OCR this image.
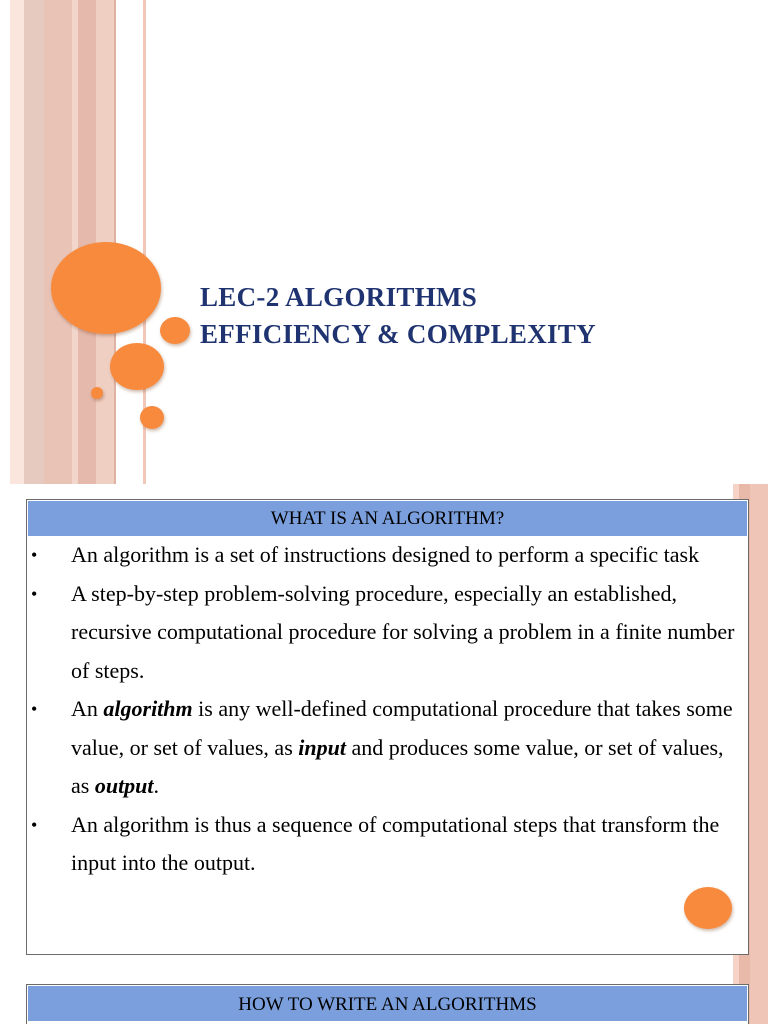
LEC-2 ALGORITHMS
EFFICIENCY & COMPLEXITY
WHAT IS AN ALGORITHM?
• An algorithm is a set of instructions designed to perform a specific task
• A step-by-step problem-solving procedure, especially an established, recursive computational procedure for solving a problem in a finite number of steps.
• An algorithm is any well-defined computational procedure that takes some value, or set of values, as input and produces some value, or set of values, as output.
• An algorithm is thus a sequence of computational steps that transform the input into the output.
HOW TO WRITE AN ALGORITHMS
